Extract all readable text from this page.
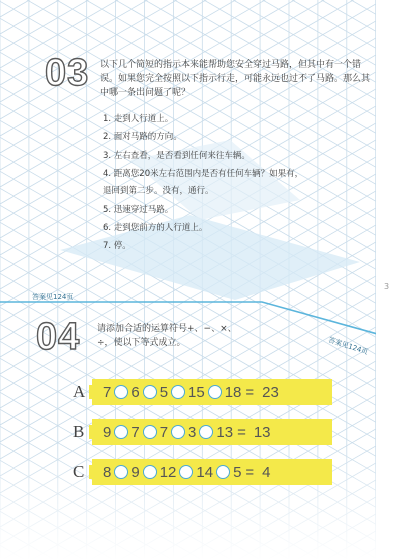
03 以下几个简短的指示本来能帮助您安全穿过马路，但其中有一个错误。如果您完全按照以下指示行走，可能永远也过不了马路。那么其中哪一条出问题了呢？
1. 走到人行道上。
2. 面对马路的方向。
3. 左右查看，是否看到任何来往车辆。
4. 距离您20米左右范围内是否有任何车辆？如果有，
退回到第二步。没有，通行。
5. 迅速穿过马路。
6. 走到您前方的人行道上。
7. 停。
答案见124页
3
04 请添加合适的运算符号+、−、×、÷，使以下等式成立。	答案见124页
A 7 6 5 15 18 = 23
B 9 7 7 3 13 = 13
C 8 9 12 14 5 = 4
